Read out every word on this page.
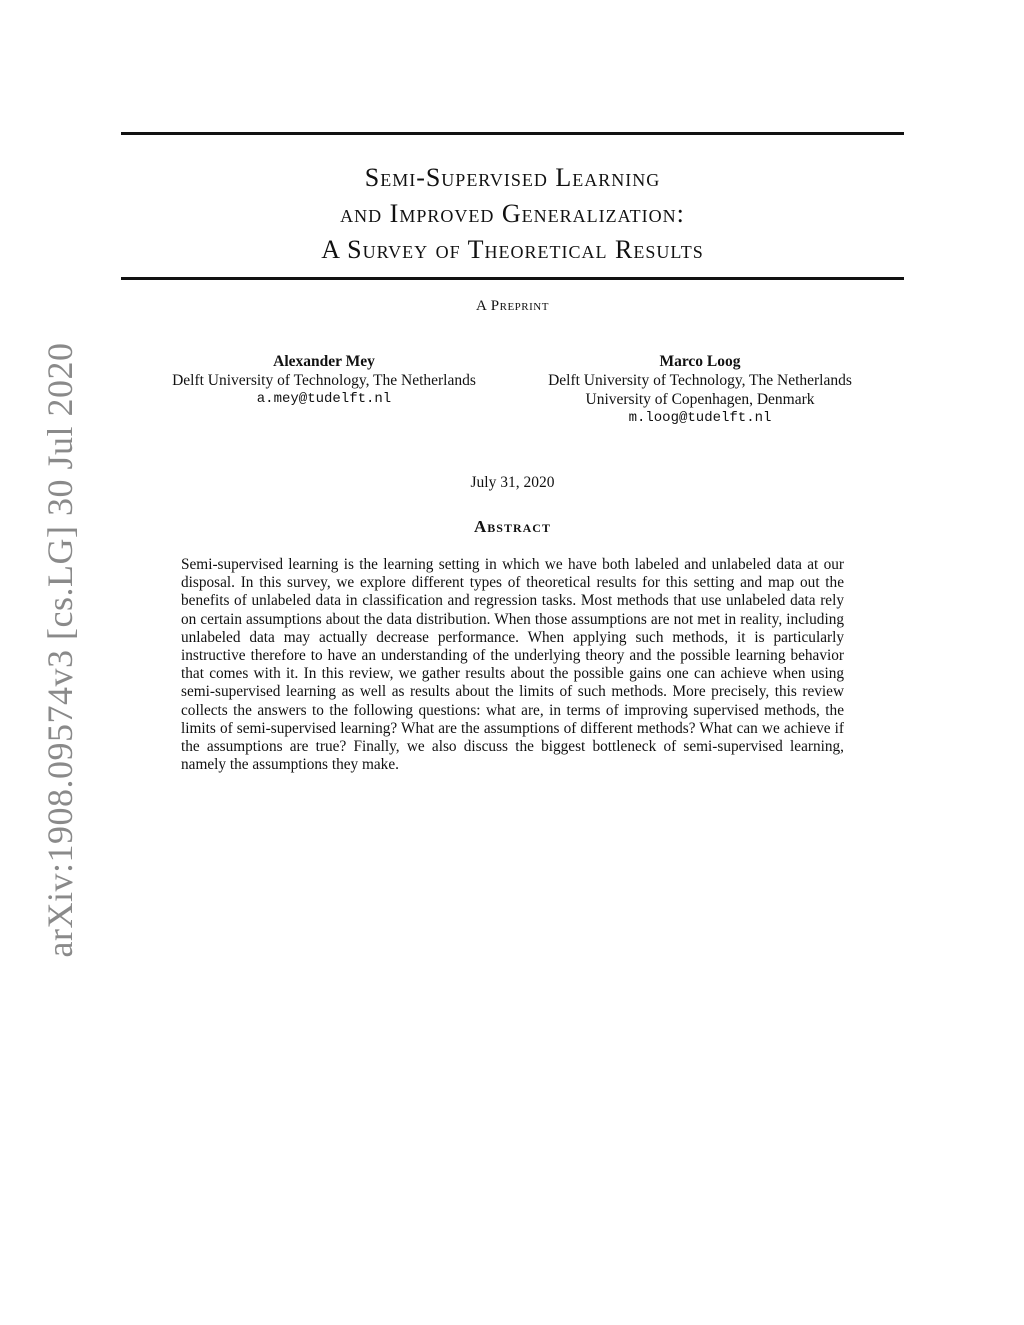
arXiv:1908.09574v3 [cs.LG] 30 Jul 2020
Semi-Supervised Learning
and Improved Generalization:
A Survey of Theoretical Results
A Preprint
Alexander Mey
Delft University of Technology, The Netherlands
a.mey@tudelft.nl
Marco Loog
Delft University of Technology, The Netherlands
University of Copenhagen, Denmark
m.loog@tudelft.nl
July 31, 2020
Abstract

Semi-supervised learning is the learning setting in which we have both labeled and unlabeled data at our disposal. In this survey, we explore different types of theoretical results for this setting and map out the benefits of unlabeled data in classification and regression tasks. Most methods that use unlabeled data rely on certain assumptions about the data distribution. When those assumptions are not met in reality, including unlabeled data may actually decrease performance. When applying such methods, it is particularly instructive therefore to have an understanding of the underlying theory and the possible learning behavior that comes with it. In this review, we gather results about the possible gains one can achieve when using semi-supervised learning as well as results about the limits of such methods. More precisely, this review collects the answers to the following questions: what are, in terms of improving supervised methods, the limits of semi-supervised learning? What are the assumptions of different methods? What can we achieve if the assumptions are true? Finally, we also discuss the biggest bottleneck of semi-supervised learning, namely the assumptions they make.
